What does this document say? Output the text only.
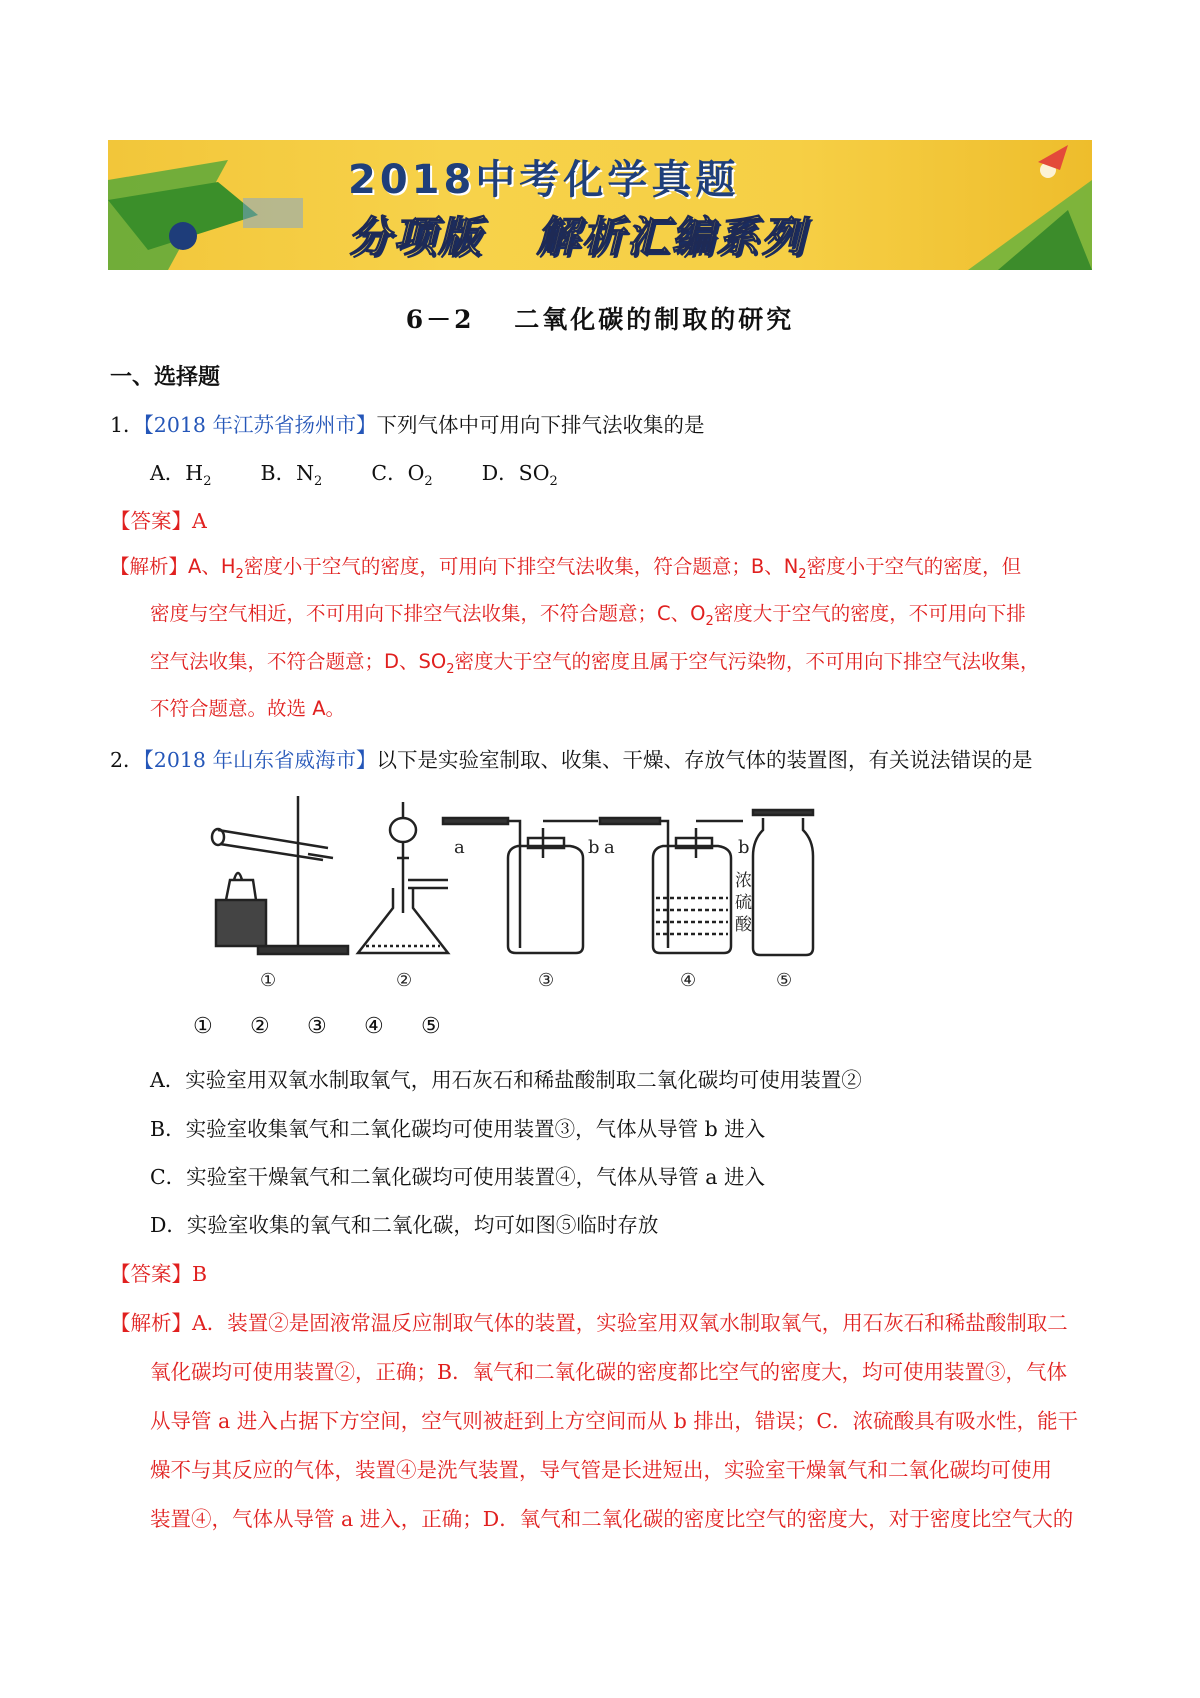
2018中考化学真题
分项版 解析汇编系列
6－2　 二氧化碳的制取的研究
一、选择题
1．【2018 年江苏省扬州市】下列气体中可用向下排气法收集的是
A．$H_2$ B．$N_2$ C．$O_2$ D．$SO_2$
【答案】A
【解析】A、$H_2$密度小于空气的密度，可用向下排空气法收集，符合题意；B、$N_2$密度小于空气的密度，但
密度与空气相近，不可用向下排空气法收集，不符合题意；C、$O_2$密度大于空气的密度，不可用向下排
空气法收集，不符合题意；D、$SO_2$密度大于空气的密度且属于空气污染物，不可用向下排空气法收集，
不符合题意。故选 A。
2．【2018 年山东省威海市】以下是实验室制取、收集、干燥、存放气体的装置图，有关说法错误的是
a	b a	b
浓
硫
酸
①	②	③	④	⑤
① ② ③ ④ ⑤
A．实验室用双氧水制取氧气，用石灰石和稀盐酸制取二氧化碳均可使用装置②
B．实验室收集氧气和二氧化碳均可使用装置③，气体从导管 b 进入
C．实验室干燥氧气和二氧化碳均可使用装置④，气体从导管 a 进入
D．实验室收集的氧气和二氧化碳，均可如图⑤临时存放
【答案】B
【解析】A．装置②是固液常温反应制取气体的装置，实验室用双氧水制取氧气，用石灰石和稀盐酸制取二
氧化碳均可使用装置②，正确；B．氧气和二氧化碳的密度都比空气的密度大，均可使用装置③，气体
从导管 a 进入占据下方空间，空气则被赶到上方空间而从 b 排出，错误；C．浓硫酸具有吸水性，能干
燥不与其反应的气体，装置④是洗气装置，导气管是长进短出，实验室干燥氧气和二氧化碳均可使用
装置④，气体从导管 a 进入，正确；D．氧气和二氧化碳的密度比空气的密度大，对于密度比空气大的
